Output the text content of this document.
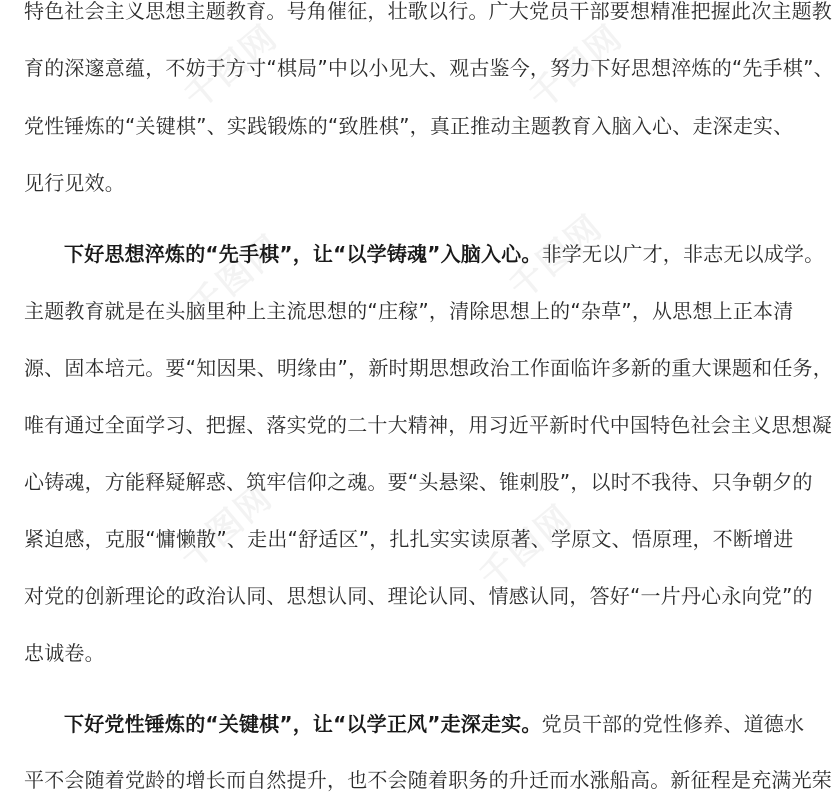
千图网	千图网
千图网	千图网
千图网	千图网
特色社会主义思想主题教育。号角催征，壮歌以行。广大党员干部要想精准把握此次主题教
育的深邃意蕴，不妨于方寸“棋局”中以小见大、观古鉴今，努力下好思想淬炼的“先手棋”、
党性锤炼的“关键棋”、实践锻炼的“致胜棋”，真正推动主题教育入脑入心、走深走实、
见行见效。
下好思想淬炼的“先手棋”，让“以学铸魂”入脑入心。非学无以广才，非志无以成学。
主题教育就是在头脑里种上主流思想的“庄稼”，清除思想上的“杂草”，从思想上正本清
源、固本培元。要“知因果、明缘由”，新时期思想政治工作面临许多新的重大课题和任务，
唯有通过全面学习、把握、落实党的二十大精神，用习近平新时代中国特色社会主义思想凝
心铸魂，方能释疑解惑、筑牢信仰之魂。要“头悬梁、锥刺股”，以时不我待、只争朝夕的
紧迫感，克服“慵懒散”、走出“舒适区”，扎扎实实读原著、学原文、悟原理，不断增进
对党的创新理论的政治认同、思想认同、理论认同、情感认同，答好“一片丹心永向党”的
忠诚卷。
下好党性锤炼的“关键棋”，让“以学正风”走深走实。党员干部的党性修养、道德水
平不会随着党龄的增长而自然提升，也不会随着职务的升迁而水涨船高。新征程是充满光荣
